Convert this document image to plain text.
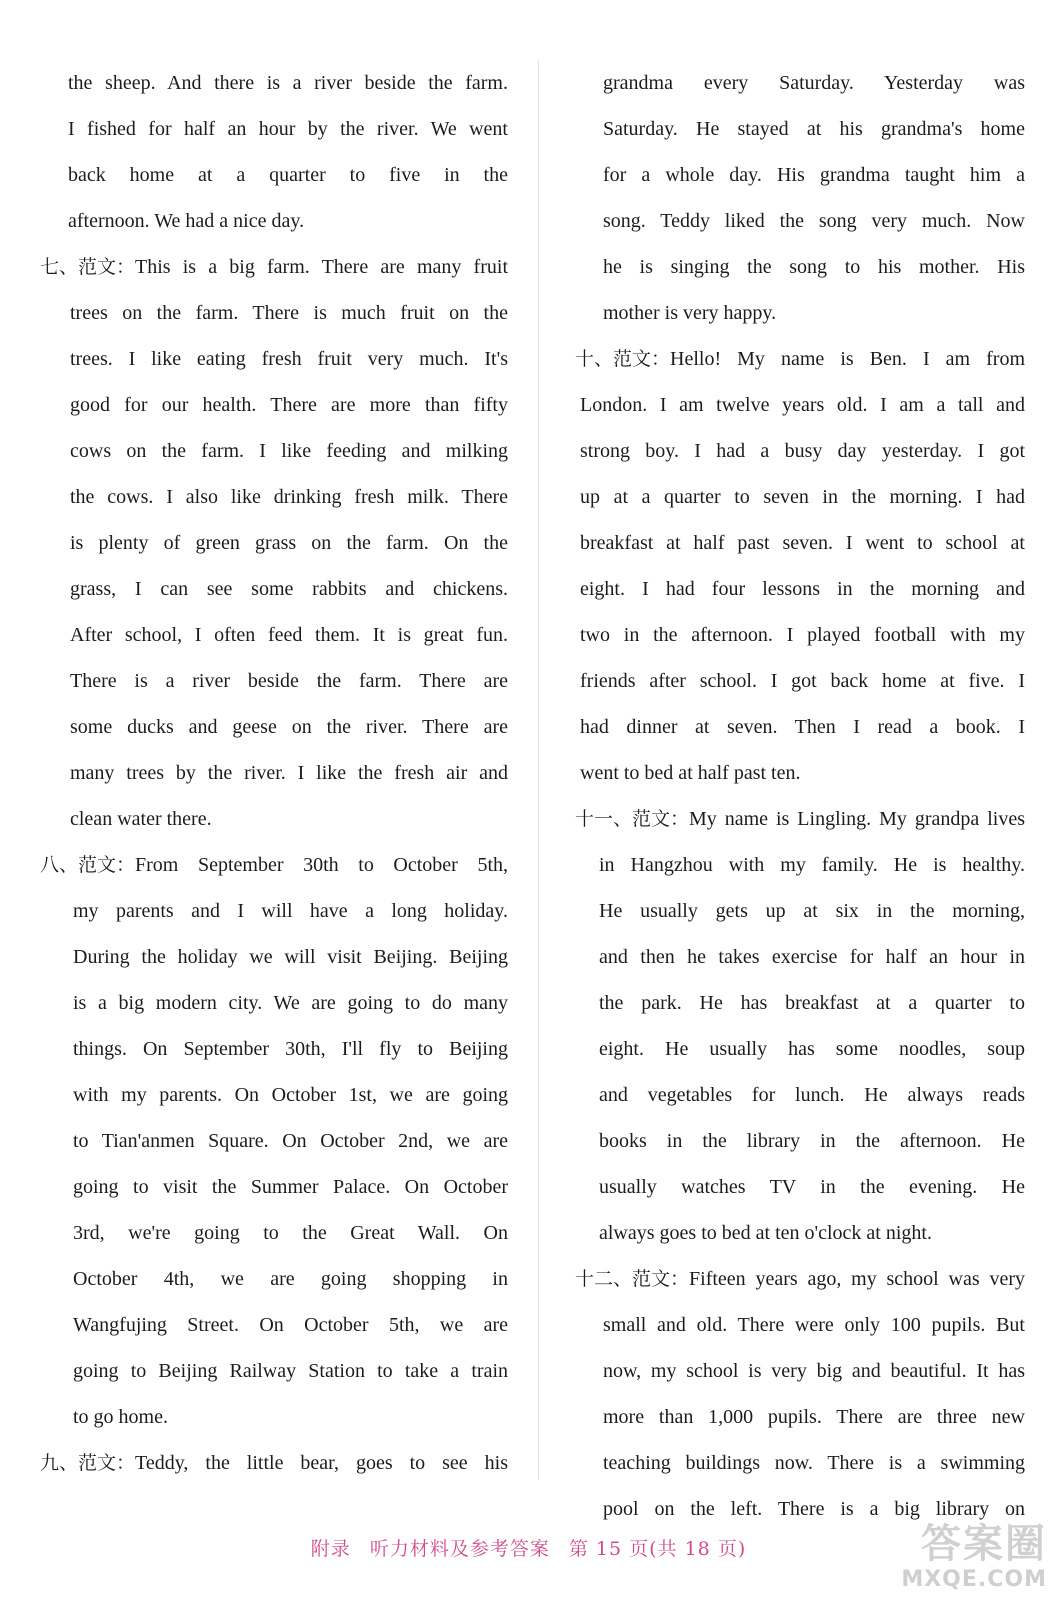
the sheep. And there is a river beside the farm.
I fished for half an hour by the river. We went
back home at a quarter to five in the
afternoon. We had a nice day.
七、范文： This is a big farm. There are many fruit
trees on the farm. There is much fruit on the
trees. I like eating fresh fruit very much. It's
good for our health. There are more than fifty
cows on the farm. I like feeding and milking
the cows. I also like drinking fresh milk. There
is plenty of green grass on the farm. On the
grass, I can see some rabbits and chickens.
After school, I often feed them. It is great fun.
There is a river beside the farm. There are
some ducks and geese on the river. There are
many trees by the river. I like the fresh air and
clean water there.
八、范文： From September 30th to October 5th,
my parents and I will have a long holiday.
During the holiday we will visit Beijing. Beijing
is a big modern city. We are going to do many
things. On September 30th, I'll fly to Beijing
with my parents. On October 1st, we are going
to Tian'anmen Square. On October 2nd, we are
going to visit the Summer Palace. On October
3rd, we're going to the Great Wall. On
October 4th, we are going shopping in
Wangfujing Street. On October 5th, we are
going to Beijing Railway Station to take a train
to go home.
九、范文： Teddy, the little bear, goes to see his
grandma every Saturday. Yesterday was
Saturday. He stayed at his grandma's home
for a whole day. His grandma taught him a
song. Teddy liked the song very much. Now
he is singing the song to his mother. His
mother is very happy.
十、范文： Hello! My name is Ben. I am from
London. I am twelve years old. I am a tall and
strong boy. I had a busy day yesterday. I got
up at a quarter to seven in the morning. I had
breakfast at half past seven. I went to school at
eight. I had four lessons in the morning and
two in the afternoon. I played football with my
friends after school. I got back home at five. I
had dinner at seven. Then I read a book. I
went to bed at half past ten.
十一、范文： My name is Lingling. My grandpa lives
in Hangzhou with my family. He is healthy.
He usually gets up at six in the morning,
and then he takes exercise for half an hour in
the park. He has breakfast at a quarter to
eight. He usually has some noodles, soup
and vegetables for lunch. He always reads
books in the library in the afternoon. He
usually watches TV in the evening. He
always goes to bed at ten o'clock at night.
十二、范文： Fifteen years ago, my school was very
small and old. There were only 100 pupils. But
now, my school is very big and beautiful. It has
more than 1,000 pupils. There are three new
teaching buildings now. There is a swimming
pool on the left. There is a big library on
附录 听力材料及参考答案 第 15 页(共 18 页)	答案圈
MXQE.COM
